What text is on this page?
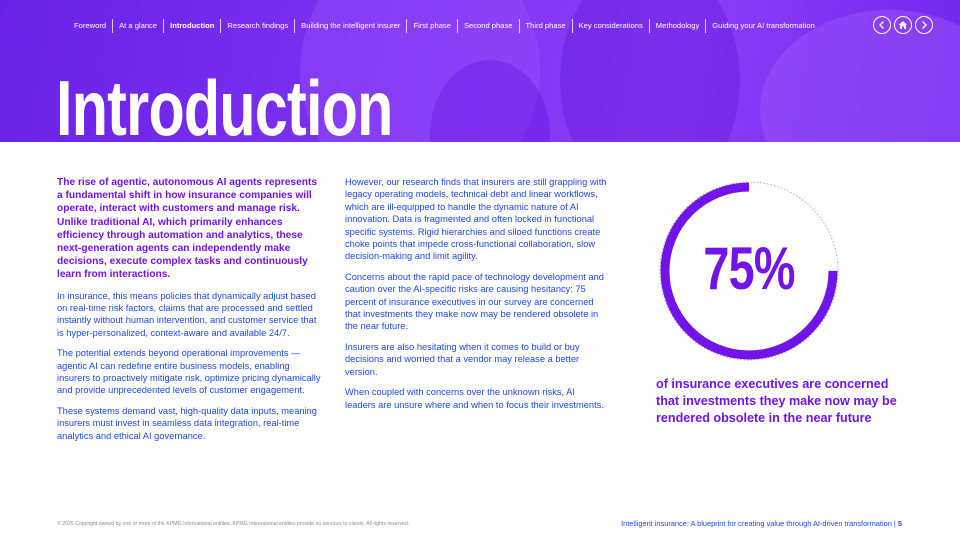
Foreword	At a glance	Introduction	Research findings	Building the intelligent insurer	First phase	Second phase	Third phase	Key considerations	Methodology	Guiding your AI transformation
Introduction

The rise of agentic, autonomous AI agents represents a fundamental shift in how insurance companies will operate, interact with customers and manage risk. Unlike traditional AI, which primarily enhances efficiency through automation and analytics, these next-generation agents can independently make decisions, execute complex tasks and continuously learn from interactions.

In insurance, this means policies that dynamically adjust based on real-time risk factors, claims that are processed and settled instantly without human intervention, and customer service that is hyper-personalized, context-aware and available 24/7.

The potential extends beyond operational improvements — agentic AI can redefine entire business models, enabling insurers to proactively mitigate risk, optimize pricing dynamically and provide unprecedented levels of customer engagement.

These systems demand vast, high-quality data inputs, meaning insurers must invest in seamless data integration, real-time analytics and ethical AI governance.

However, our research finds that insurers are still grappling with legacy operating models, technical debt and linear workflows, which are ill-equipped to handle the dynamic nature of AI innovation. Data is fragmented and often locked in functional specific systems. Rigid hierarchies and siloed functions create choke points that impede cross-functional collaboration, slow decision-making and limit agility.

Concerns about the rapid pace of technology development and caution over the AI-specific risks are causing hesitancy: 75 percent of insurance executives in our survey are concerned that investments they make now may be rendered obsolete in the near future.

Insurers are also hesitating when it comes to build or buy decisions and worried that a vendor may release a better version.

When coupled with concerns over the unknown risks, AI leaders are unsure where and when to focus their investments.

75%
of insurance executives are concerned that investments they make now may be rendered obsolete in the near future
© 2025 Copyright owned by one or more of the KPMG International entities. KPMG International entities provide no services to clients. All rights reserved.	Intelligent insurance: A blueprint for creating value through AI-driven transformation | 5
